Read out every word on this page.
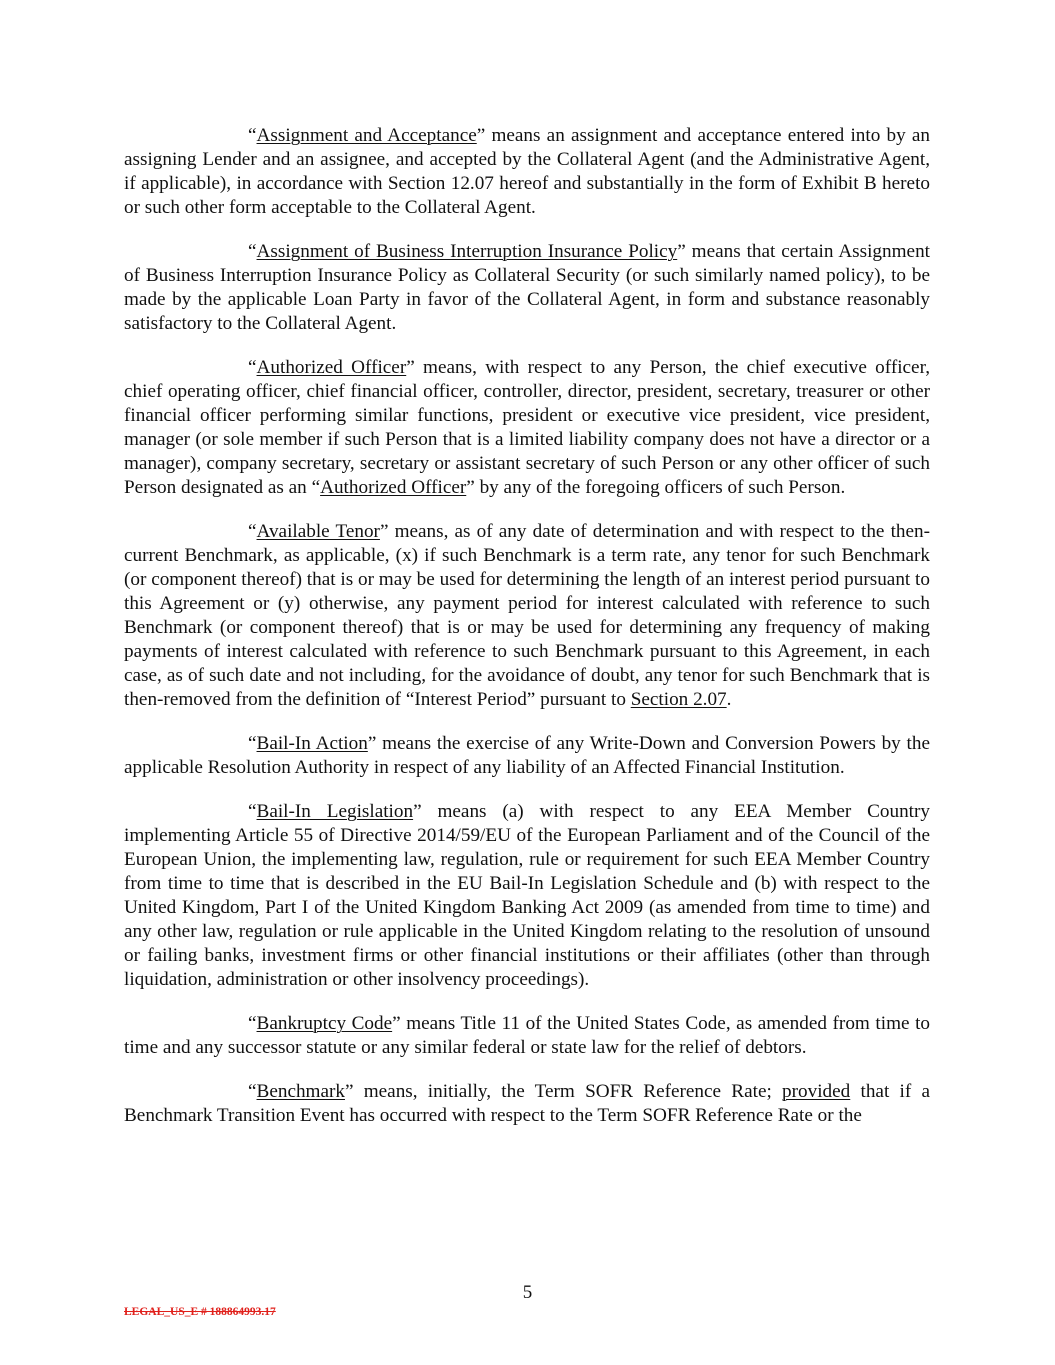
“Assignment and Acceptance” means an assignment and acceptance entered into by an assigning Lender and an assignee, and accepted by the Collateral Agent (and the Administrative Agent, if applicable), in accordance with Section 12.07 hereof and substantially in the form of Exhibit B hereto or such other form acceptable to the Collateral Agent.

“Assignment of Business Interruption Insurance Policy” means that certain Assignment of Business Interruption Insurance Policy as Collateral Security (or such similarly named policy), to be made by the applicable Loan Party in favor of the Collateral Agent, in form and substance reasonably satisfactory to the Collateral Agent.

“Authorized Officer” means, with respect to any Person, the chief executive officer, chief operating officer, chief financial officer, controller, director, president, secretary, treasurer or other financial officer performing similar functions, president or executive vice president, vice president, manager (or sole member if such Person that is a limited liability company does not have a director or a manager), company secretary, secretary or assistant secretary of such Person or any other officer of such Person designated as an “Authorized Officer” by any of the foregoing officers of such Person.

“Available Tenor” means, as of any date of determination and with respect to the then-current Benchmark, as applicable, (x) if such Benchmark is a term rate, any tenor for such Benchmark (or component thereof) that is or may be used for determining the length of an interest period pursuant to this Agreement or (y) otherwise, any payment period for interest calculated with reference to such Benchmark (or component thereof) that is or may be used for determining any frequency of making payments of interest calculated with reference to such Benchmark pursuant to this Agreement, in each case, as of such date and not including, for the avoidance of doubt, any tenor for such Benchmark that is then-removed from the definition of “Interest Period” pursuant to Section 2.07.

“Bail-In Action” means the exercise of any Write-Down and Conversion Powers by the applicable Resolution Authority in respect of any liability of an Affected Financial Institution.

“Bail-In Legislation” means (a) with respect to any EEA Member Country implementing Article 55 of Directive 2014/59/EU of the European Parliament and of the Council of the European Union, the implementing law, regulation, rule or requirement for such EEA Member Country from time to time that is described in the EU Bail-In Legislation Schedule and (b) with respect to the United Kingdom, Part I of the United Kingdom Banking Act 2009 (as amended from time to time) and any other law, regulation or rule applicable in the United Kingdom relating to the resolution of unsound or failing banks, investment firms or other financial institutions or their affiliates (other than through liquidation, administration or other insolvency proceedings).

“Bankruptcy Code” means Title 11 of the United States Code, as amended from time to time and any successor statute or any similar federal or state law for the relief of debtors.

“Benchmark” means, initially, the Term SOFR Reference Rate; provided that if a Benchmark Transition Event has occurred with respect to the Term SOFR Reference Rate or the

5
LEGAL_US_E # 188864993.17
